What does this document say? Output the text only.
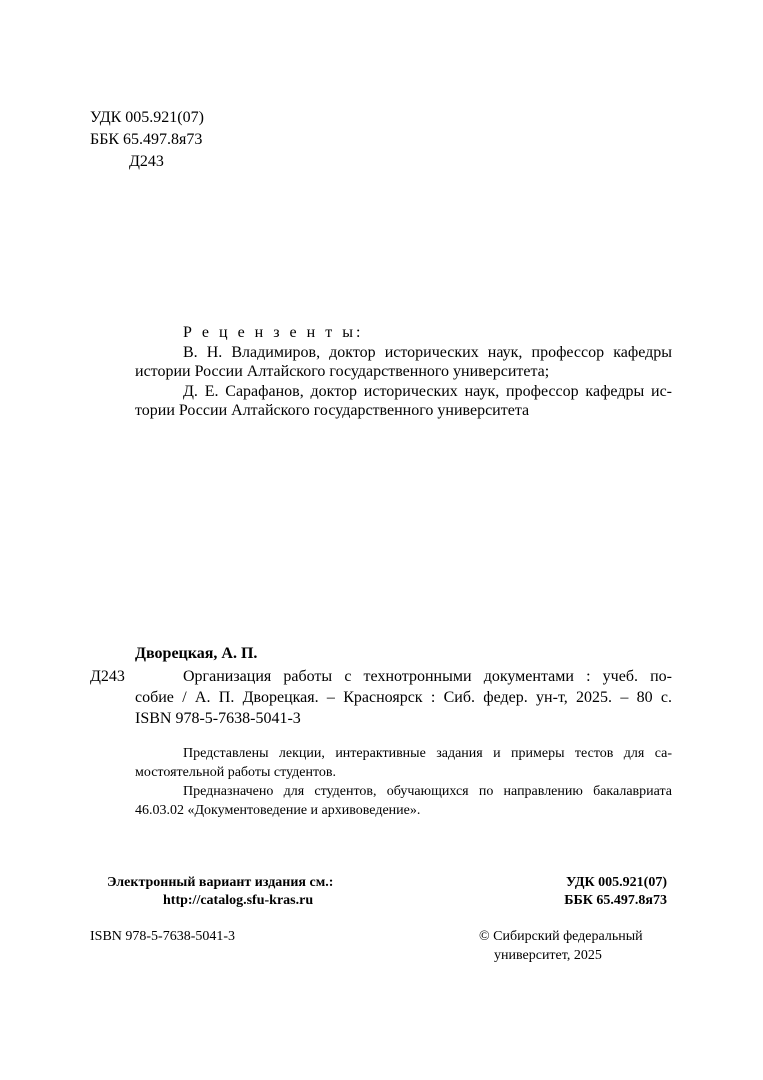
УДК 005.921(07)
ББК 65.497.8я73
Д243
Р е ц е н з е н т ы:
В. Н. Владимиров, доктор исторических наук, профессор кафедры
истории России Алтайского государственного университета;
Д. Е. Сарафанов, доктор исторических наук, профессор кафедры ис-
тории России Алтайского государственного университета
Дворецкая, А. П.
Д243	Организация работы с технотронными документами : учеб. по-
собие / А. П. Дворецкая. – Красноярск : Сиб. федер. ун-т, 2025. – 80 с.
ISBN 978-5-7638-5041-3
Представлены лекции, интерактивные задания и примеры тестов для са-
мостоятельной работы студентов.
Предназначено для студентов, обучающихся по направлению бакалавриата
46.03.02 «Документоведение и архивоведение».
Электронный вариант издания см.:
http://catalog.sfu-kras.ru
УДК 005.921(07)
ББК 65.497.8я73
ISBN 978-5-7638-5041-3	© Сибирский федеральный
университет, 2025
